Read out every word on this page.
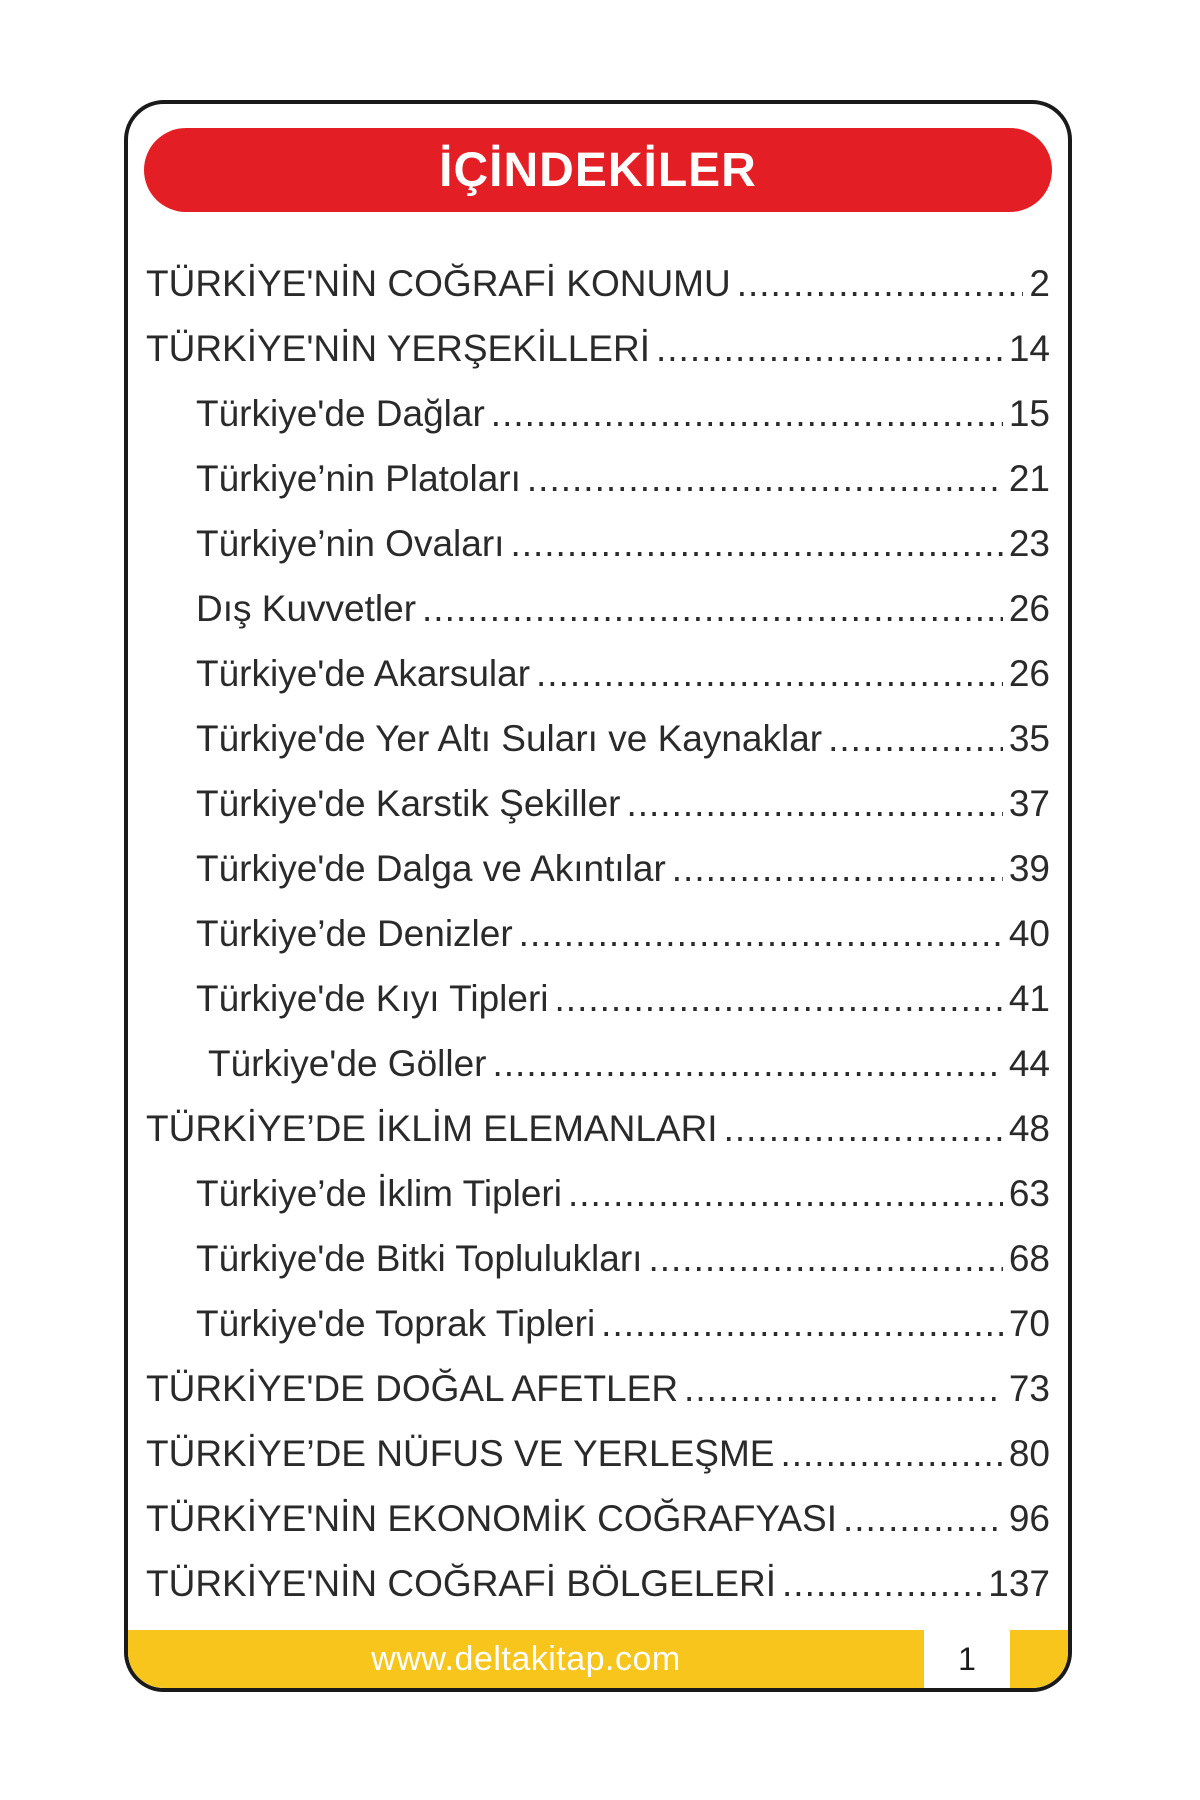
İÇİNDEKİLER
TÜRKİYE'NİN COĞRAFİ KONUMU .....	2
TÜRKİYE'NİN YERŞEKİLLERİ .....	14
Türkiye'de Dağlar .....	15
Türkiye’nin Platoları .....	21
Türkiye’nin Ovaları .....	23
Dış Kuvvetler .....	26
Türkiye'de Akarsular .....	26
Türkiye'de Yer Altı Suları ve Kaynaklar .....	35
Türkiye'de Karstik Şekiller .....	37
Türkiye'de Dalga ve Akıntılar .....	39
Türkiye’de Denizler .....	40
Türkiye'de Kıyı Tipleri .....	41
Türkiye'de Göller .....	44
TÜRKİYE’DE İKLİM ELEMANLARI .....	48
Türkiye’de İklim Tipleri .....	63
Türkiye'de Bitki Toplulukları .....	68
Türkiye'de Toprak Tipleri .....	70
TÜRKİYE'DE DOĞAL AFETLER .....	73
TÜRKİYE’DE NÜFUS VE YERLEŞME .....	80
TÜRKİYE'NİN EKONOMİK COĞRAFYASI .....	96
TÜRKİYE'NİN COĞRAFİ BÖLGELERİ .....	137
www.deltakitap.com	1
